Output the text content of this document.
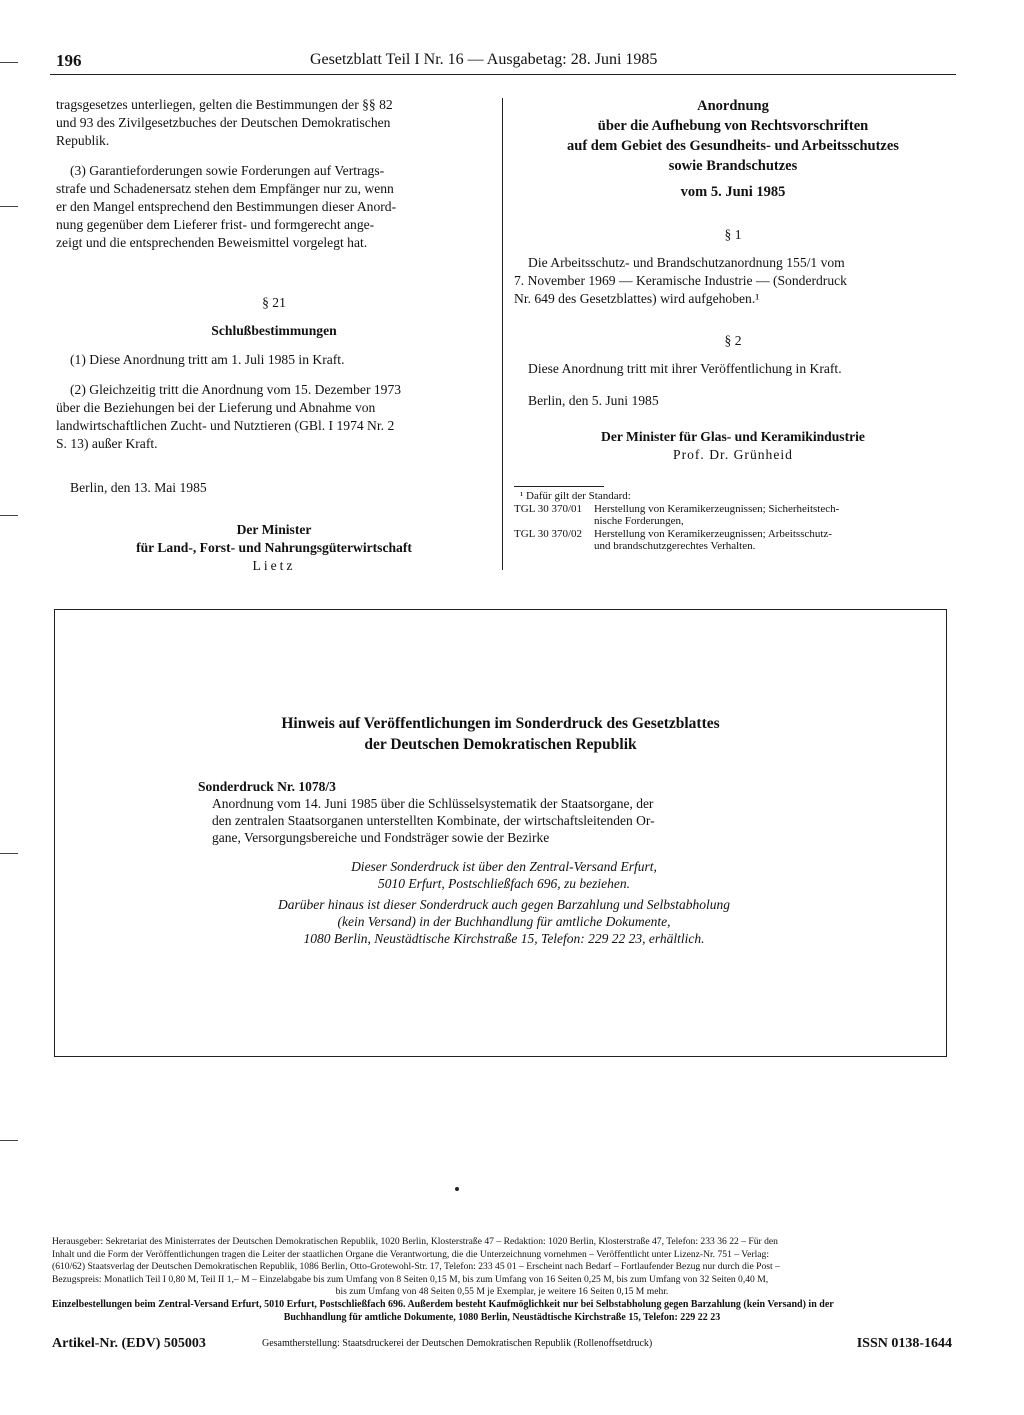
196	Gesetzblatt Teil I Nr. 16 — Ausgabetag: 28. Juni 1985

tragsgesetzes unterliegen, gelten die Bestimmungen der §§ 82
und 93 des Zivilgesetzbuches der Deutschen Demokratischen
Republik.

(3) Garantieforderungen sowie Forderungen auf Vertrags-
strafe und Schadenersatz stehen dem Empfänger nur zu, wenn
er den Mangel entsprechend den Bestimmungen dieser Anord-
nung gegenüber dem Lieferer frist- und formgerecht ange-
zeigt und die entsprechenden Beweismittel vorgelegt hat.

§ 21

Schlußbestimmungen

(1) Diese Anordnung tritt am 1. Juli 1985 in Kraft.

(2) Gleichzeitig tritt die Anordnung vom 15. Dezember 1973
über die Beziehungen bei der Lieferung und Abnahme von
landwirtschaftlichen Zucht- und Nutztieren (GBl. I 1974 Nr. 2
S. 13) außer Kraft.

Berlin, den 13. Mai 1985

Der Minister

für Land-, Forst- und Nahrungsgüterwirtschaft

Lietz

Anordnung

über die Aufhebung von Rechtsvorschriften

auf dem Gebiet des Gesundheits- und Arbeitsschutzes

sowie Brandschutzes

vom 5. Juni 1985

§ 1

Die Arbeitsschutz- und Brandschutzanordnung 155/1 vom
7. November 1969 — Keramische Industrie — (Sonderdruck
Nr. 649 des Gesetzblattes) wird aufgehoben.¹

§ 2

Diese Anordnung tritt mit ihrer Veröffentlichung in Kraft.

Berlin, den 5. Juni 1985

Der Minister für Glas- und Keramikindustrie

Prof. Dr. Grünheid

¹ Dafür gilt der Standard:
TGL 30 370/01	Herstellung von Keramikerzeugnissen; Sicherheitstech-
nische Forderungen,
TGL 30 370/02	Herstellung von Keramikerzeugnissen; Arbeitsschutz-
und brandschutzgerechtes Verhalten.
Hinweis auf Veröffentlichungen im Sonderdruck des Gesetzblattes
der Deutschen Demokratischen Republik

Sonderdruck Nr. 1078/3

Anordnung vom 14. Juni 1985 über die Schlüsselsystematik der Staatsorgane, der
den zentralen Staatsorganen unterstellten Kombinate, der wirtschaftsleitenden Or-
gane, Versorgungsbereiche und Fondsträger sowie der Bezirke

Dieser Sonderdruck ist über den Zentral-Versand Erfurt,
5010 Erfurt, Postschließfach 696, zu beziehen.

Darüber hinaus ist dieser Sonderdruck auch gegen Barzahlung und Selbstabholung
(kein Versand) in der Buchhandlung für amtliche Dokumente,
1080 Berlin, Neustädtische Kirchstraße 15, Telefon: 229 22 23, erhältlich.

Herausgeber: Sekretariat des Ministerrates der Deutschen Demokratischen Republik, 1020 Berlin, Klosterstraße 47 – Redaktion: 1020 Berlin, Klosterstraße 47, Telefon: 233 36 22 – Für den
Inhalt und die Form der Veröffentlichungen tragen die Leiter der staatlichen Organe die Verantwortung, die die Unterzeichnung vornehmen – Veröffentlicht unter Lizenz-Nr. 751 – Verlag:
(610/62) Staatsverlag der Deutschen Demokratischen Republik, 1086 Berlin, Otto-Grotewohl-Str. 17, Telefon: 233 45 01 – Erscheint nach Bedarf – Fortlaufender Bezug nur durch die Post –
Bezugspreis: Monatlich Teil I 0,80 M, Teil II 1,– M – Einzelabgabe bis zum Umfang von 8 Seiten 0,15 M, bis zum Umfang von 16 Seiten 0,25 M, bis zum Umfang von 32 Seiten 0,40 M,
bis zum Umfang von 48 Seiten 0,55 M je Exemplar, je weitere 16 Seiten 0,15 M mehr.
Einzelbestellungen beim Zentral-Versand Erfurt, 5010 Erfurt, Postschließfach 696. Außerdem besteht Kaufmöglichkeit nur bei Selbstabholung gegen Barzahlung (kein Versand) in der
Buchhandlung für amtliche Dokumente, 1080 Berlin, Neustädtische Kirchstraße 15, Telefon: 229 22 23
Artikel-Nr. (EDV) 505003	Gesamtherstellung: Staatsdruckerei der Deutschen Demokratischen Republik (Rollenoffsetdruck)	ISSN 0138-1644
